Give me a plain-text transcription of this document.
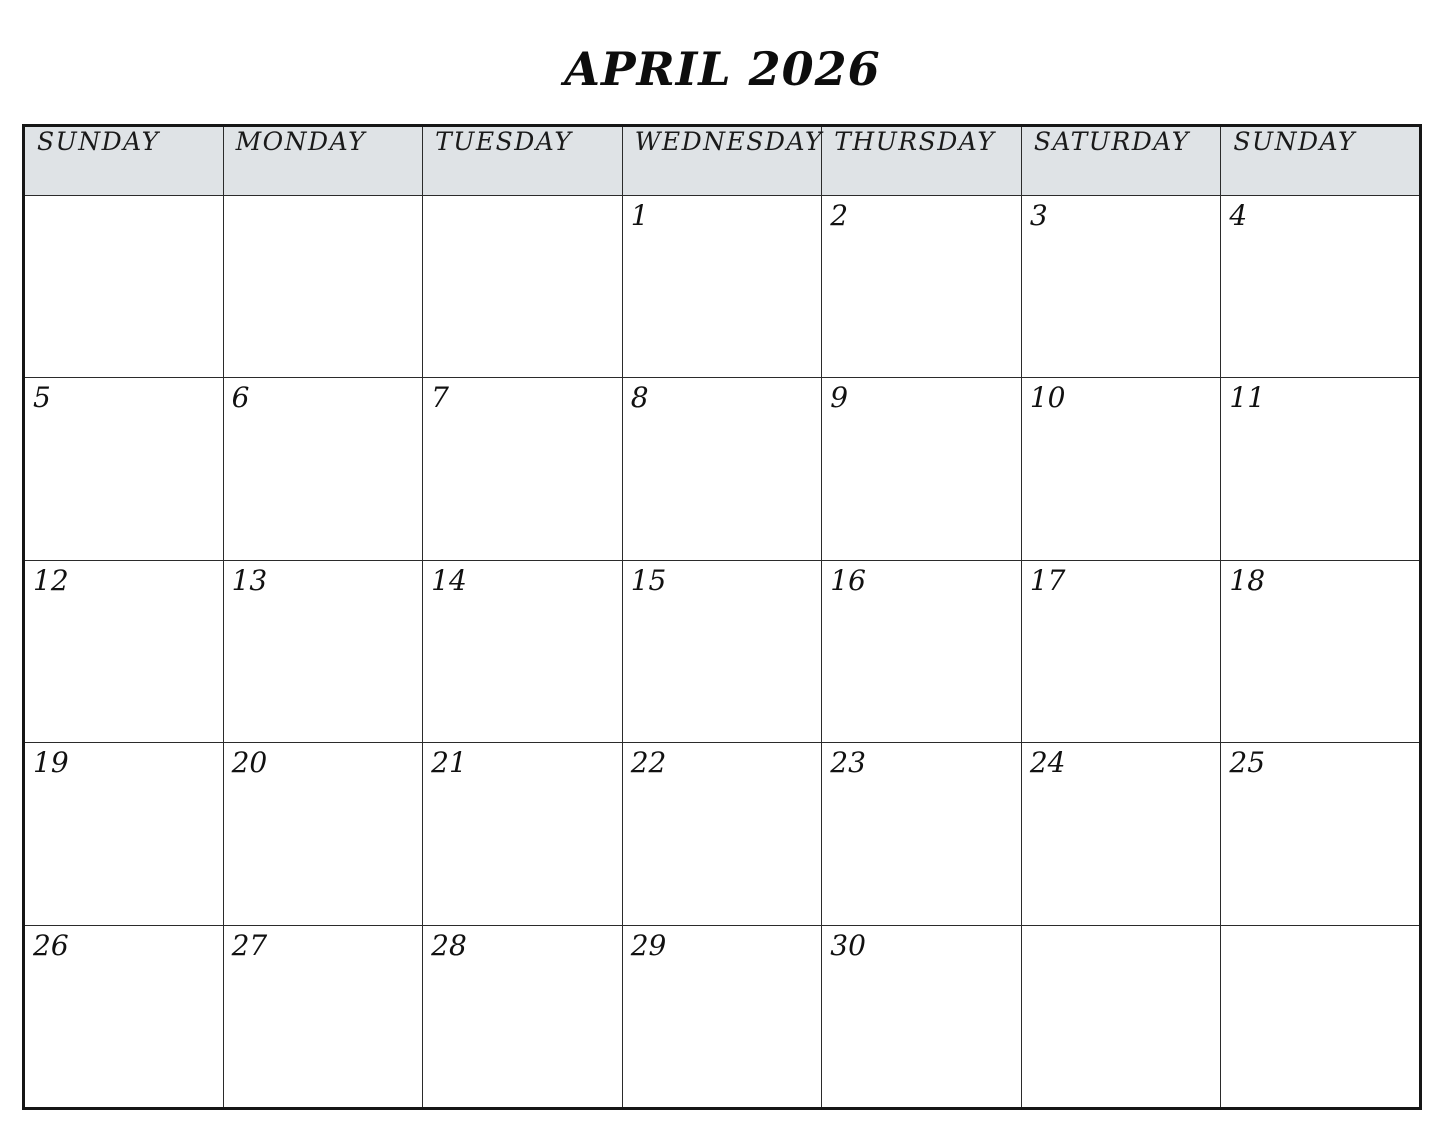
APRIL 2026
SUNDAY	MONDAY	TUESDAY	WEDNESDAY	THURSDAY	SATURDAY	SUNDAY

			1	2	3	4

5	6	7	8	9	10	11

12	13	14	15	16	17	18

19	20	21	22	23	24	25

26	27	28	29	30		
